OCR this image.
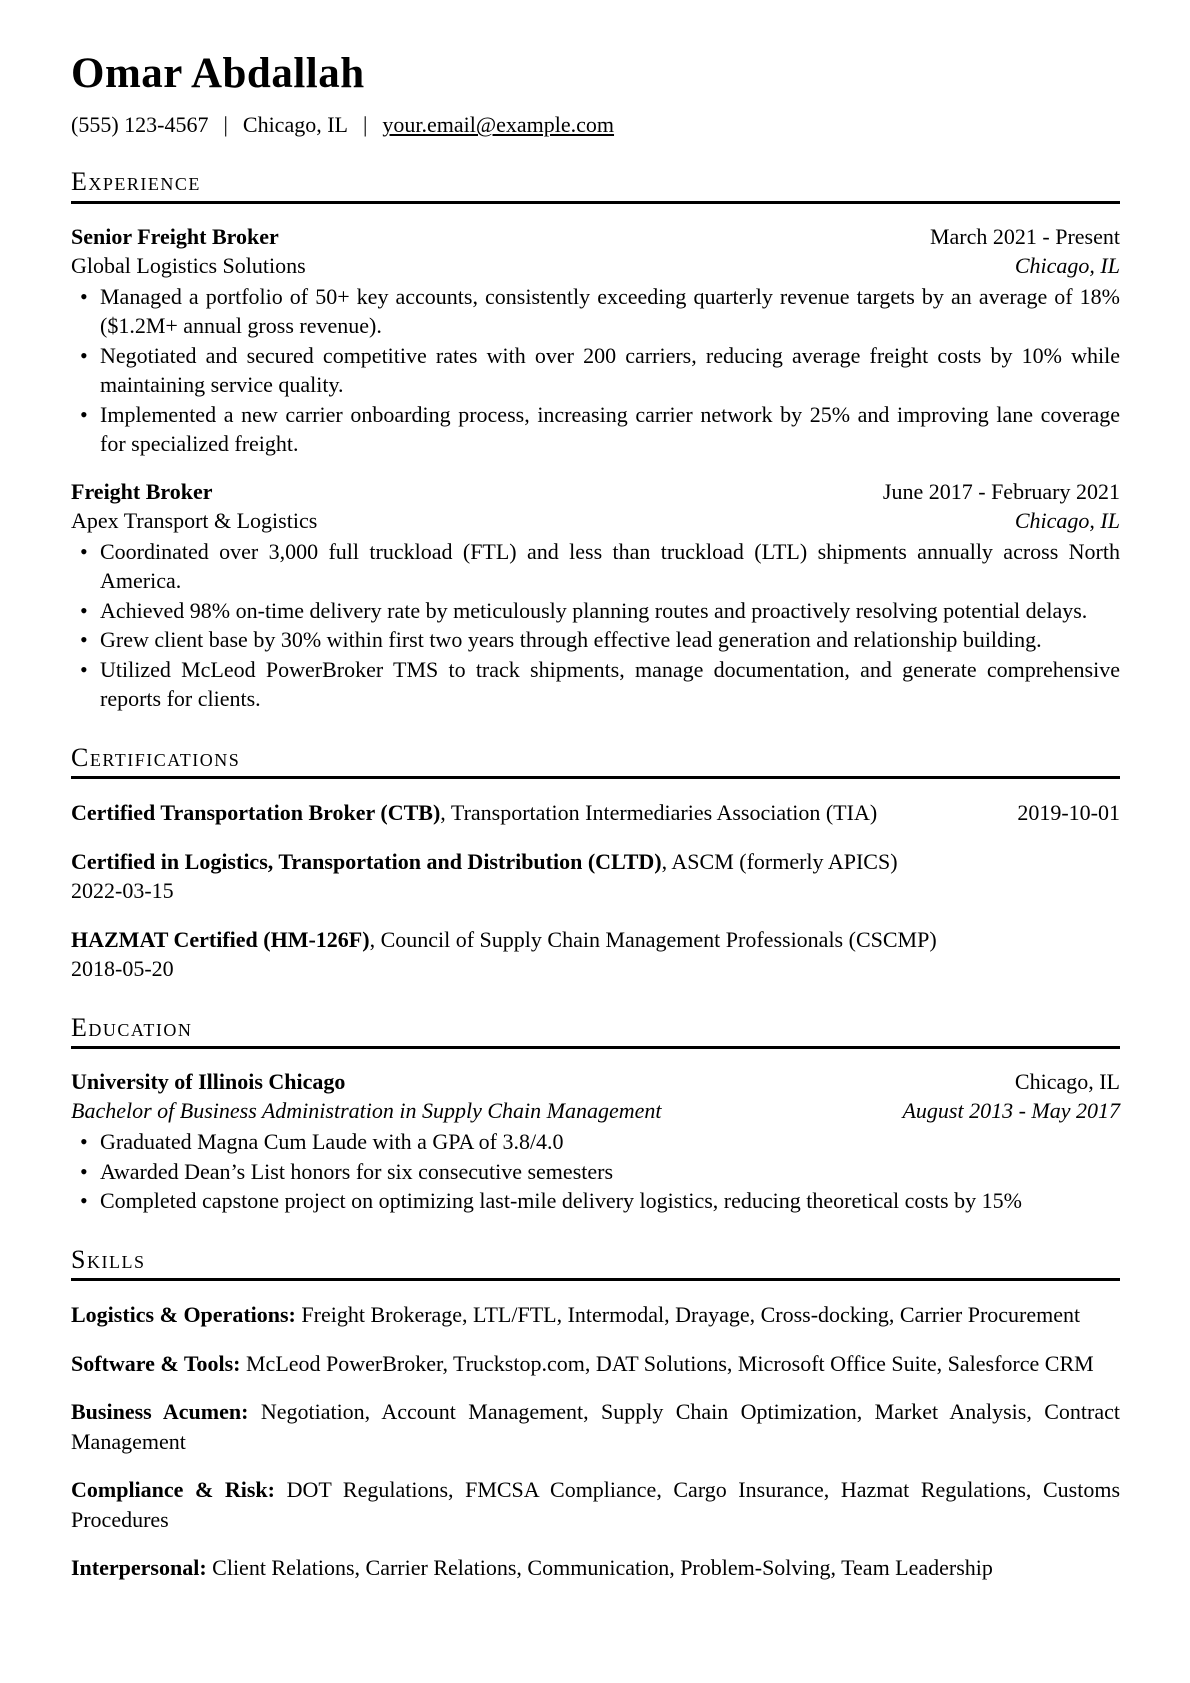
Omar Abdallah
(555) 123-4567 | Chicago, IL | your.email@example.com
Experience
Senior Freight Broker	March 2021 - Present
Global Logistics Solutions	Chicago, IL
• Managed a portfolio of 50+ key accounts, consistently exceeding quarterly revenue targets by an average of 18% ($1.2M+ annual gross revenue).
• Negotiated and secured competitive rates with over 200 carriers, reducing average freight costs by 10% while maintaining service quality.
• Implemented a new carrier onboarding process, increasing carrier network by 25% and improving lane coverage for specialized freight.
Freight Broker	June 2017 - February 2021
Apex Transport & Logistics	Chicago, IL
• Coordinated over 3,000 full truckload (FTL) and less than truckload (LTL) shipments annually across North America.
• Achieved 98% on-time delivery rate by meticulously planning routes and proactively resolving potential delays.
• Grew client base by 30% within first two years through effective lead generation and relationship building.
• Utilized McLeod PowerBroker TMS to track shipments, manage documentation, and generate comprehensive reports for clients.
Certifications
Certified Transportation Broker (CTB), Transportation Intermediaries Association (TIA)	2019-10-01
Certified in Logistics, Transportation and Distribution (CLTD), ASCM (formerly APICS)
2022-03-15
HAZMAT Certified (HM-126F), Council of Supply Chain Management Professionals (CSCMP)
2018-05-20
Education
University of Illinois Chicago	Chicago, IL
Bachelor of Business Administration in Supply Chain Management	August 2013 - May 2017
• Graduated Magna Cum Laude with a GPA of 3.8/4.0
• Awarded Dean’s List honors for six consecutive semesters
• Completed capstone project on optimizing last-mile delivery logistics, reducing theoretical costs by 15%
Skills
Logistics & Operations: Freight Brokerage, LTL/FTL, Intermodal, Drayage, Cross-docking, Carrier Procurement
Software & Tools: McLeod PowerBroker, Truckstop.com, DAT Solutions, Microsoft Office Suite, Salesforce CRM
Business Acumen: Negotiation, Account Management, Supply Chain Optimization, Market Analysis, Contract Management
Compliance & Risk: DOT Regulations, FMCSA Compliance, Cargo Insurance, Hazmat Regulations, Customs Procedures
Interpersonal: Client Relations, Carrier Relations, Communication, Problem-Solving, Team Leadership
